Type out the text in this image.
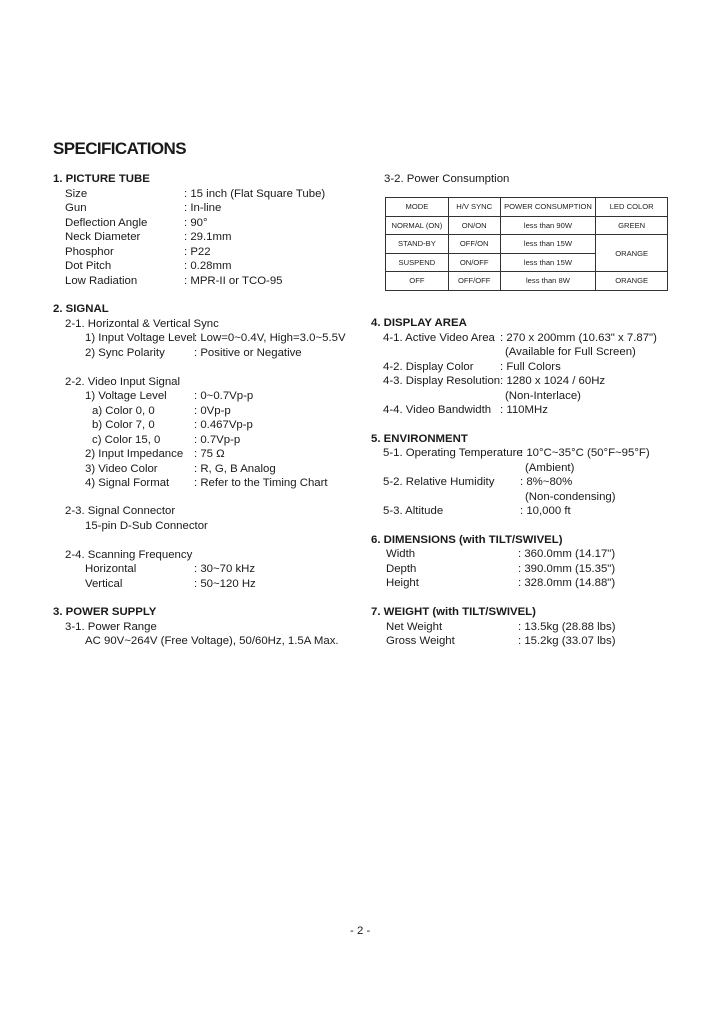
SPECIFICATIONS
1. PICTURE TUBE
Size	: 15 inch (Flat Square Tube)
Gun	: In-line
Deflection Angle	: 90°
Neck Diameter	: 29.1mm
Phosphor	: P22
Dot Pitch	: 0.28mm
Low Radiation	: MPR-II or TCO-95
2. SIGNAL
2-1. Horizontal & Vertical Sync
1) Input Voltage Level
: Low=0~0.4V, High=3.0~5.5V
2) Sync Polarity	: Positive or Negative
2-2. Video Input Signal
1) Voltage Level : 0~0.7Vp-p
a) Color 0, 0	: 0Vp-p
b) Color 7, 0	: 0.467Vp-p
c) Color 15, 0	: 0.7Vp-p
2) Input Impedance : 75 Ω
3) Video Color	: R, G, B Analog
4) Signal Format : Refer to the Timing Chart
2-3. Signal Connector
15-pin D-Sub Connector
2-4. Scanning Frequency
Horizontal	: 30~70 kHz
Vertical	: 50~120 Hz
3. POWER SUPPLY
3-1. Power Range
AC 90V~264V (Free Voltage), 50/60Hz, 1.5A Max.
3-2. Power Consumption
MODE	H/V SYNC	POWER CONSUMPTION	LED COLOR
NORMAL (ON)	ON/ON	less than 90W	GREEN
STAND-BY	OFF/ON	less than 15W	ORANGE
SUSPEND	ON/OFF	less than 15W	
OFF	OFF/OFF	less than 8W	ORANGE
4. DISPLAY AREA
4-1. Active Video Area : 270 x 200mm (10.63" x 7.87")
(Available for Full Screen)
4-2. Display Color : Full Colors
4-3. Display Resolution : 1280 x 1024 / 60Hz
(Non-Interlace)
4-4. Video Bandwidth : 110MHz
5. ENVIRONMENT
5-1. Operating Temperature
: 10°C~35°C (50°F~95°F)
(Ambient)
5-2. Relative Humidity : 8%~80%
(Non-condensing)
5-3. Altitude	: 10,000 ft
6. DIMENSIONS (with TILT/SWIVEL)
Width	: 360.0mm (14.17")
Depth	: 390.0mm (15.35")
Height	: 328.0mm (14.88")
7. WEIGHT (with TILT/SWIVEL)
Net Weight	: 13.5kg (28.88 lbs)
Gross Weight	: 15.2kg (33.07 lbs)
- 2 -
